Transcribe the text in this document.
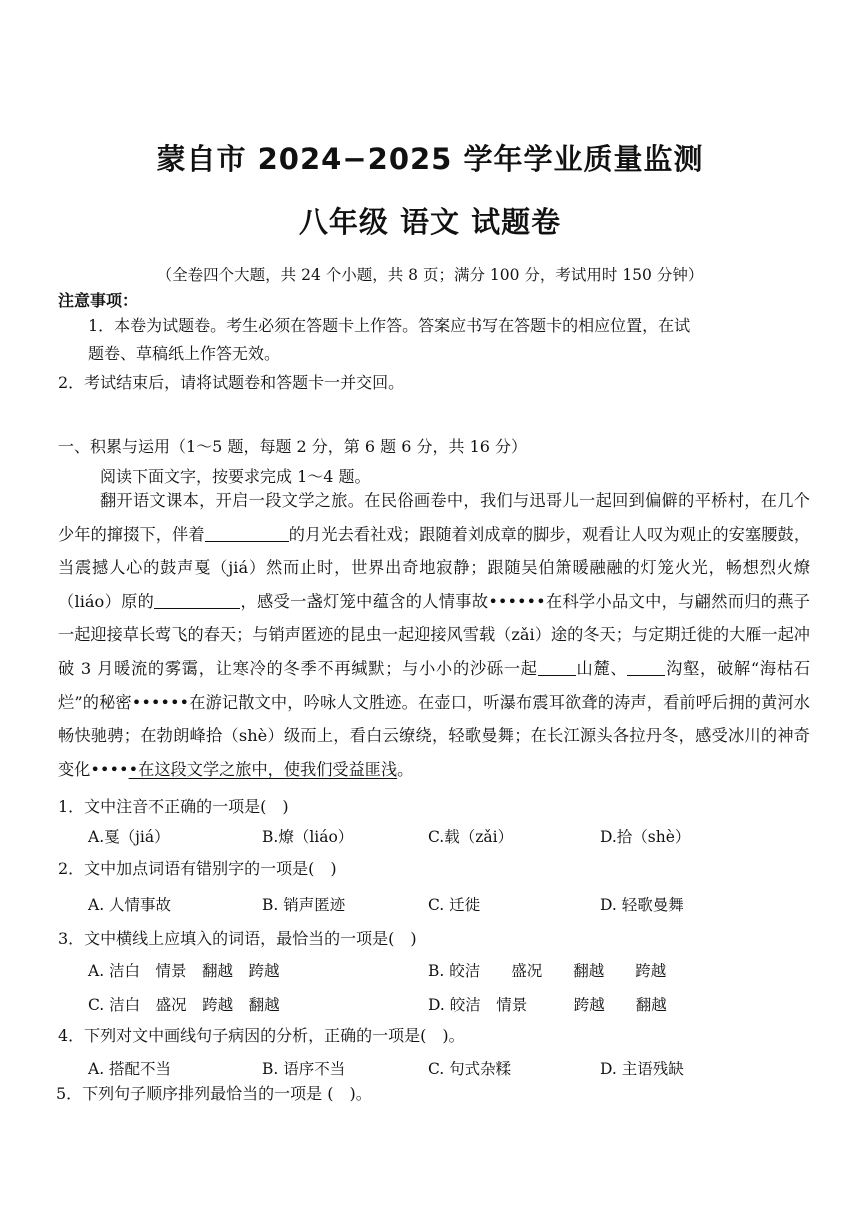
蒙自市 2024−2025 学年学业质量监测
八年级 语文 试题卷
（全卷四个大题，共 24 个小题，共 8 页；满分 100 分，考试用时 150 分钟）
注意事项：
1．本卷为试题卷。考生必须在答题卡上作答。答案应书写在答题卡的相应位置，在试
题卷、草稿纸上作答无效。
2．考试结束后，请将试题卷和答题卡一并交回。
一、积累与运用（1～5 题，每题 2 分，第 6 题 6 分，共 16 分）
阅读下面文字，按要求完成 1～4 题。
翻开语文课本，开启一段文学之旅。在民俗画卷中，我们与迅哥儿一起回到偏僻的平桥村，在几个少年的撺掇下，伴着	的月光去看社戏；跟随着刘成章的脚步，观看让人叹为观止的安塞腰鼓，当震撼人心的鼓声戛（jiá）然而止时，世界出奇地寂静；跟随吴伯箫暖融融的灯笼火光，畅想烈火燎（liáo）原的	，感受一盏灯笼中蕴含的人情事故••••••在科学小品文中，与翩然而归的燕子一起迎接草长莺飞的春天；与销声匿迹的昆虫一起迎接风雪载（zǎi）途的冬天；与定期迁徙的大雁一起冲破 3 月暖流的雾霭，让寒冷的冬季不再缄默；与小小的沙砾一起 山麓、 沟壑，破解“海枯石烂”的秘密••••••在游记散文中，吟咏人文胜迹。在壶口，听瀑布震耳欲聋的涛声，看前呼后拥的黄河水畅快驰骋；在勃朗峰拾（shè）级而上，看白云缭绕，轻歌曼舞；在长江源头各拉丹冬，感受冰川的神奇变化•••••在这段文学之旅中，使我们受益匪浅。
1．文中注音不正确的一项是(　)
A.戛（jiá）	B.燎（liáo）	C.载（zǎi）	D.拾（shè）
2．文中加点词语有错别字的一项是(　)
A. 人情事故	B. 销声匿迹	C. 迁徙	D. 轻歌曼舞
3．文中横线上应填入的词语，最恰当的一项是(　)
A. 洁白　情景　翻越　跨越	B. 皎洁　　盛况　　翻越　　跨越
C. 洁白　盛况　跨越　翻越	D. 皎洁　情景　　　跨越　　翻越
4．下列对文中画线句子病因的分析，正确的一项是(　)。
A. 搭配不当	B. 语序不当	C. 句式杂糅	D. 主语残缺
5．下列句子顺序排列最恰当的一项是 (　)。
